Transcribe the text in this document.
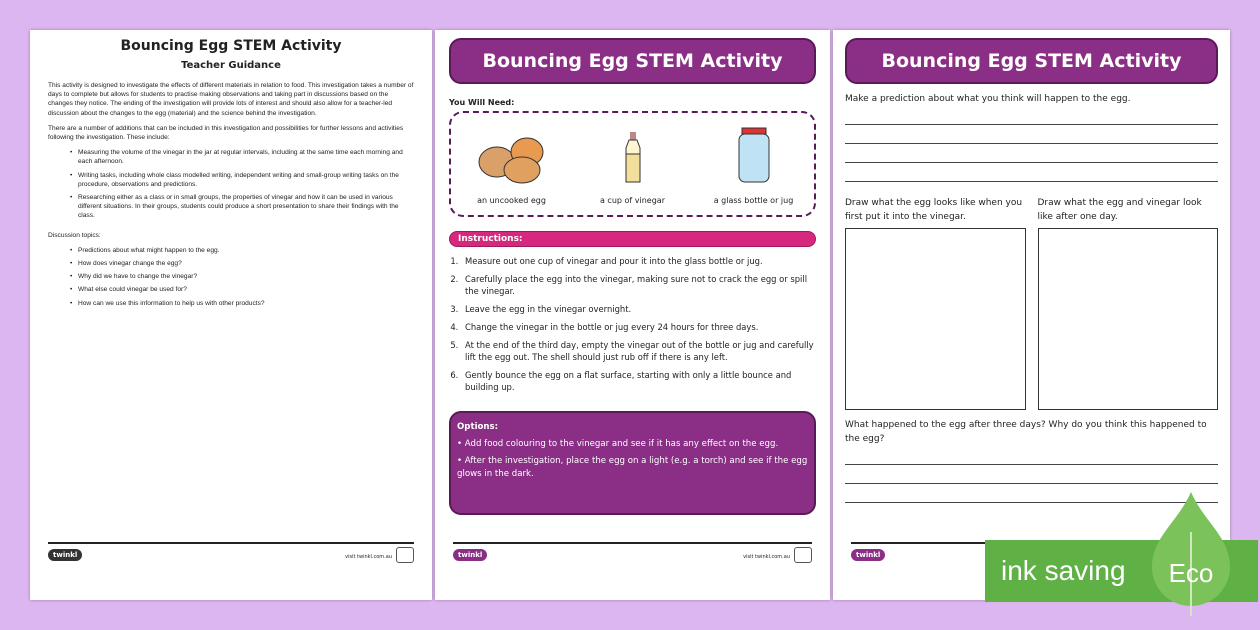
Bouncing Egg STEM Activity
Teacher Guidance
This activity is designed to investigate the effects of different materials in relation to food. This investigation takes a number of days to complete but allows for students to practise making observations and taking part in discussions based on the changes they notice. The ending of the investigation will provide lots of interest and should also allow for a teacher-led discussion about the changes to the egg (material) and the science behind the investigation.
There are a number of additions that can be included in this investigation and possibilities for further lessons and activities following the investigation. These include:
• Measuring the volume of the vinegar in the jar at regular intervals, including at the same time each morning and each afternoon.
• Writing tasks, including whole class modelled writing, independent writing and small-group writing tasks on the procedure, observations and predictions.
• Researching either as a class or in small groups, the properties of vinegar and how it can be used in various different situations. In their groups, students could produce a short presentation to share their findings with the class.
Discussion topics:
• Predictions about what might happen to the egg.
• How does vinegar change the egg?
• Why did we have to change the vinegar?
• What else could vinegar be used for?
• How can we use this information to help us with other products?
twinkl	visit twinkl.com.au
Bouncing Egg STEM Activity
You Will Need:
an uncooked egg	a cup of vinegar	a glass bottle or jug
Instructions:
1. Measure out one cup of vinegar and pour it into the glass bottle or jug.
2. Carefully place the egg into the vinegar, making sure not to crack the egg or spill the vinegar.
3. Leave the egg in the vinegar overnight.
4. Change the vinegar in the bottle or jug every 24 hours for three days.
5. At the end of the third day, empty the vinegar out of the bottle or jug and carefully lift the egg out. The shell should just rub off if there is any left.
6. Gently bounce the egg on a flat surface, starting with only a little bounce and building up.
Options:

• Add food colouring to the vinegar and see if it has any effect on the egg.

• After the investigation, place the egg on a light (e.g. a torch) and see if the egg glows in the dark.

twinkl	visit twinkl.com.au
Bouncing Egg STEM Activity
Make a prediction about what you think will happen to the egg.
Draw what the egg looks like when you first put it into the vinegar.
Draw what the egg and vinegar look like after one day.
What happened to the egg after three days? Why do you think this happened to the egg?
twinkl	ink saving	Eco
